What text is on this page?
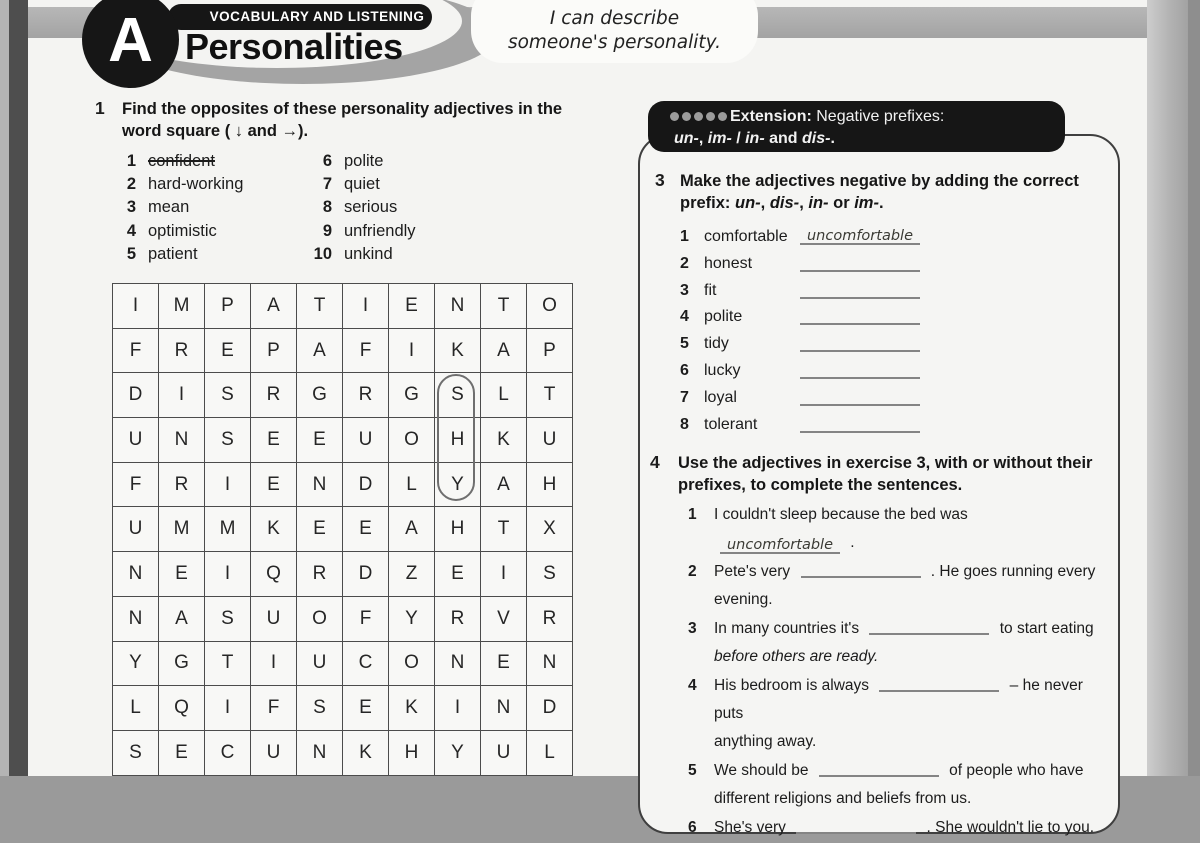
I can describe
someone's personality.
VOCABULARY AND LISTENING
Personalities
A
1 Find the opposites of these personality adjectives in the
word square ( ↓ and →).
1 confident
2 hard-working
3 mean
4 optimistic
5 patient
6 polite
7 quiet
8 serious
9 unfriendly
10 unkind
I	M	P	A	T	I	E	N	T	O
F	R	E	P	A	F	I	K	A	P
D	I	S	R	G	R	G	S	L	T
U	N	S	E	E	U	O	H	K	U
F	R	I	E	N	D	L	Y	A	H
U	M	M	K	E	E	A	H	T	X
N	E	I	Q	R	D	Z	E	I	S
N	A	S	U	O	F	Y	R	V	R
Y	G	T	I	U	C	O	N	E	N
L	Q	I	F	S	E	K	I	N	D
S	E	C	U	N	K	H	Y	U	L
Extension: Negative prefixes:
un-, im- / in- and dis-.
3 Make the adjectives negative by adding the correct
prefix: un-, dis-, in- or im-.
1 comfortable	uncomfortable
2 honest
3 fit
4 polite
5 tidy
6 lucky
7 loyal
8 tolerant
4 Use the adjectives in exercise 3, with or without their
prefixes, to complete the sentences.
1	I couldn't sleep because the bed was uncomfortable .
2	Pete's very	. He goes running every
evening.
3	In many countries it's	to start eating
before others are ready.
4	His bedroom is always	– he never puts
anything away.
5	We should be	of people who have
different religions and beliefs from us.
6	She's very	. She wouldn't lie to you.
